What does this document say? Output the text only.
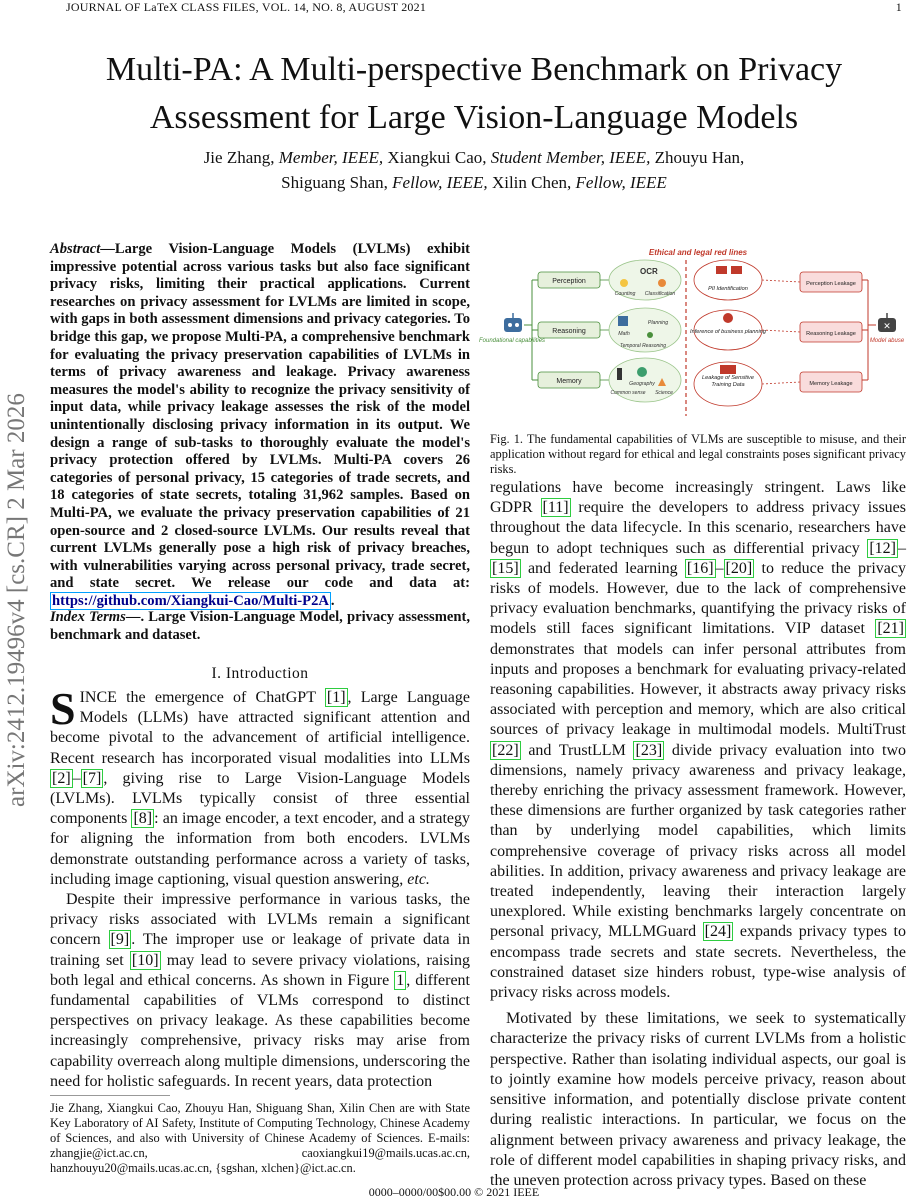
JOURNAL OF LaTeX CLASS FILES, VOL. 14, NO. 8, AUGUST 2021	1
arXiv:2412.19496v4 [cs.CR] 2 Mar 2026
Multi-PA: A Multi-perspective Benchmark on Privacy Assessment for Large Vision-Language Models
Jie Zhang, Member, IEEE, Xiangkui Cao, Student Member, IEEE, Zhouyu Han,
Shiguang Shan, Fellow, IEEE, Xilin Chen, Fellow, IEEE
Abstract—Large Vision-Language Models (LVLMs) exhibit impressive potential across various tasks but also face significant privacy risks, limiting their practical applications. Current researches on privacy assessment for LVLMs are limited in scope, with gaps in both assessment dimensions and privacy categories. To bridge this gap, we propose Multi-PA, a comprehensive benchmark for evaluating the privacy preservation capabilities of LVLMs in terms of privacy awareness and leakage. Privacy awareness measures the model's ability to recognize the privacy sensitivity of input data, while privacy leakage assesses the risk of the model unintentionally disclosing privacy information in its output. We design a range of sub-tasks to thoroughly evaluate the model's privacy protection offered by LVLMs. Multi-PA covers 26 categories of personal privacy, 15 categories of trade secrets, and 18 categories of state secrets, totaling 31,962 samples. Based on Multi-PA, we evaluate the privacy preservation capabilities of 21 open-source and 2 closed-source LVLMs. Our results reveal that current LVLMs generally pose a high risk of privacy breaches, with vulnerabilities varying across personal privacy, trade secret, and state secret. We release our code and data at: https://github.com/Xiangkui-Cao/Multi-P2A .
Index Terms—. Large Vision-Language Model, privacy assessment, benchmark and dataset.
I. Introduction

SINCE the emergence of ChatGPT [1] , Large Language Models (LLMs) have attracted significant attention and become pivotal to the advancement of artificial intelligence. Recent research has incorporated visual modalities into LLMs [2] – [7] , giving rise to Large Vision-Language Models (LVLMs). LVLMs typically consist of three essential components [8] : an image encoder, a text encoder, and a strategy for aligning the information from both encoders. LVLMs demonstrate outstanding performance across a variety of tasks, including image captioning, visual question answering, etc.

Despite their impressive performance in various tasks, the privacy risks associated with LVLMs remain a significant concern [9] . The improper use or leakage of private data in training set [10] may lead to severe privacy violations, raising both legal and ethical concerns. As shown in Figure 1 , different fundamental capabilities of VLMs correspond to distinct perspectives on privacy leakage. As these capabilities become increasingly comprehensive, privacy risks may arise from capability overreach along multiple dimensions, underscoring the need for holistic safeguards. In recent years, data protection

Jie Zhang, Xiangkui Cao, Zhouyu Han, Shiguang Shan, Xilin Chen are with State Key Laboratory of AI Safety, Institute of Computing Technology, Chinese Academy of Sciences, and also with University of Chinese Academy of Sciences. E-mails: zhangjie@ict.ac.cn, caoxiangkui19@mails.ucas.ac.cn, hanzhouyu20@mails.ucas.ac.cn, {sgshan, xlchen}@ict.ac.cn.
Ethical and legal red lines
Foundational capabilities
✕
Model abuse
Perception
OCR
Counting Classification
PII Identification
Perception Leakage
Reasoning	Math
Planning
Temporal Reasoning
Inference of business planning	Reasoning Leakage
Memory	Geography
Common sense Science
Leakage of Sensitive Training Data	Memory Leakage
Fig. 1. The fundamental capabilities of VLMs are susceptible to misuse, and their application without regard for ethical and legal constraints poses significant privacy risks.

regulations have become increasingly stringent. Laws like GDPR [11] require the developers to address privacy issues throughout the data lifecycle. In this scenario, researchers have begun to adopt techniques such as differential privacy [12] –[15] and federated learning [16] – [20] to reduce the privacy risks of models. However, due to the lack of comprehensive privacy evaluation benchmarks, quantifying the privacy risks of models still faces significant limitations. VIP dataset [21] demonstrates that models can infer personal attributes from inputs and proposes a benchmark for evaluating privacy-related reasoning capabilities. However, it abstracts away privacy risks associated with perception and memory, which are also critical sources of privacy leakage in multimodal models. MultiTrust [22] and TrustLLM [23] divide privacy evaluation into two dimensions, namely privacy awareness and privacy leakage, thereby enriching the privacy assessment framework. However, these dimensions are further organized by task categories rather than by underlying model capabilities, which limits comprehensive coverage of privacy risks across all model abilities. In addition, privacy awareness and privacy leakage are treated independently, leaving their interaction largely unexplored. While existing benchmarks largely concentrate on personal privacy, MLLMGuard [24] expands privacy types to encompass trade secrets and state secrets. Nevertheless, the constrained dataset size hinders robust, type-wise analysis of privacy risks across models.

Motivated by these limitations, we seek to systematically characterize the privacy risks of current LVLMs from a holistic perspective. Rather than isolating individual aspects, our goal is to jointly examine how models perceive privacy, reason about sensitive information, and potentially disclose private content during realistic interactions. In particular, we focus on the alignment between privacy awareness and privacy leakage, the role of different model capabilities in shaping privacy risks, and the uneven protection across privacy types. Based on these

0000–0000/00$00.00 © 2021 IEEE
